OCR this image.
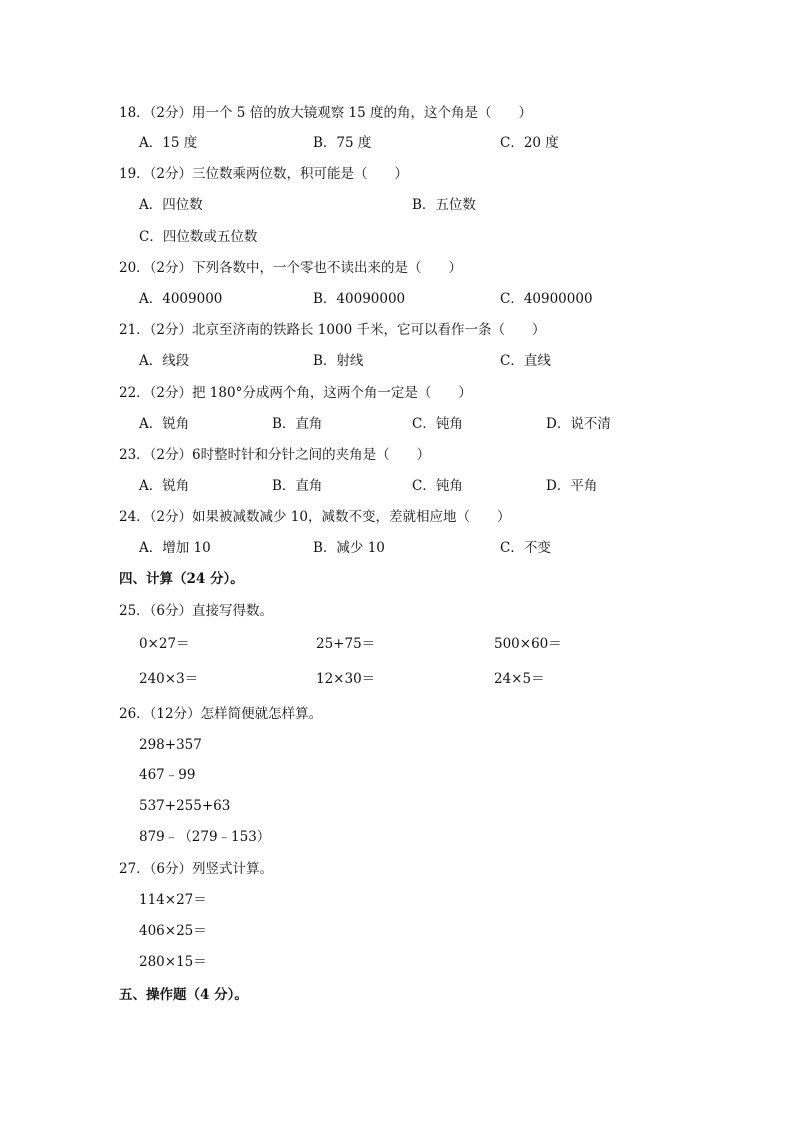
18．（2分）用一个 5 倍的放大镜观察 15 度的角，这个角是（　　）
A．15 度	B．75 度	C．20 度
19．（2分）三位数乘两位数，积可能是（　　）
A．四位数	B．五位数
C．四位数或五位数
20．（2分）下列各数中，一个零也不读出来的是（　　）
A．4009000	B．40090000	C．40900000
21．（2分）北京至济南的铁路长 1000 千米，它可以看作一条（　　）
A．线段	B．射线	C．直线
22．（2分）把 180°分成两个角，这两个角一定是（　　）
A．锐角	B．直角	C．钝角	D．说不清
23．（2分）6时整时针和分针之间的夹角是（　　）
A．锐角	B．直角	C．钝角	D．平角
24．（2分）如果被减数减少 10，减数不变，差就相应地（　　）
A．增加 10	B．减少 10	C．不变
四、计算（24 分）。
25．（6分）直接写得数。
0×27＝	25+75＝	500×60＝
240×3＝	12×30＝	24×5＝
26．（12分）怎样简便就怎样算。
298+357
467﹣99
537+255+63
879﹣（279﹣153）
27．（6分）列竖式计算。
114×27＝
406×25＝
280×15＝
五、操作题（4 分）。
